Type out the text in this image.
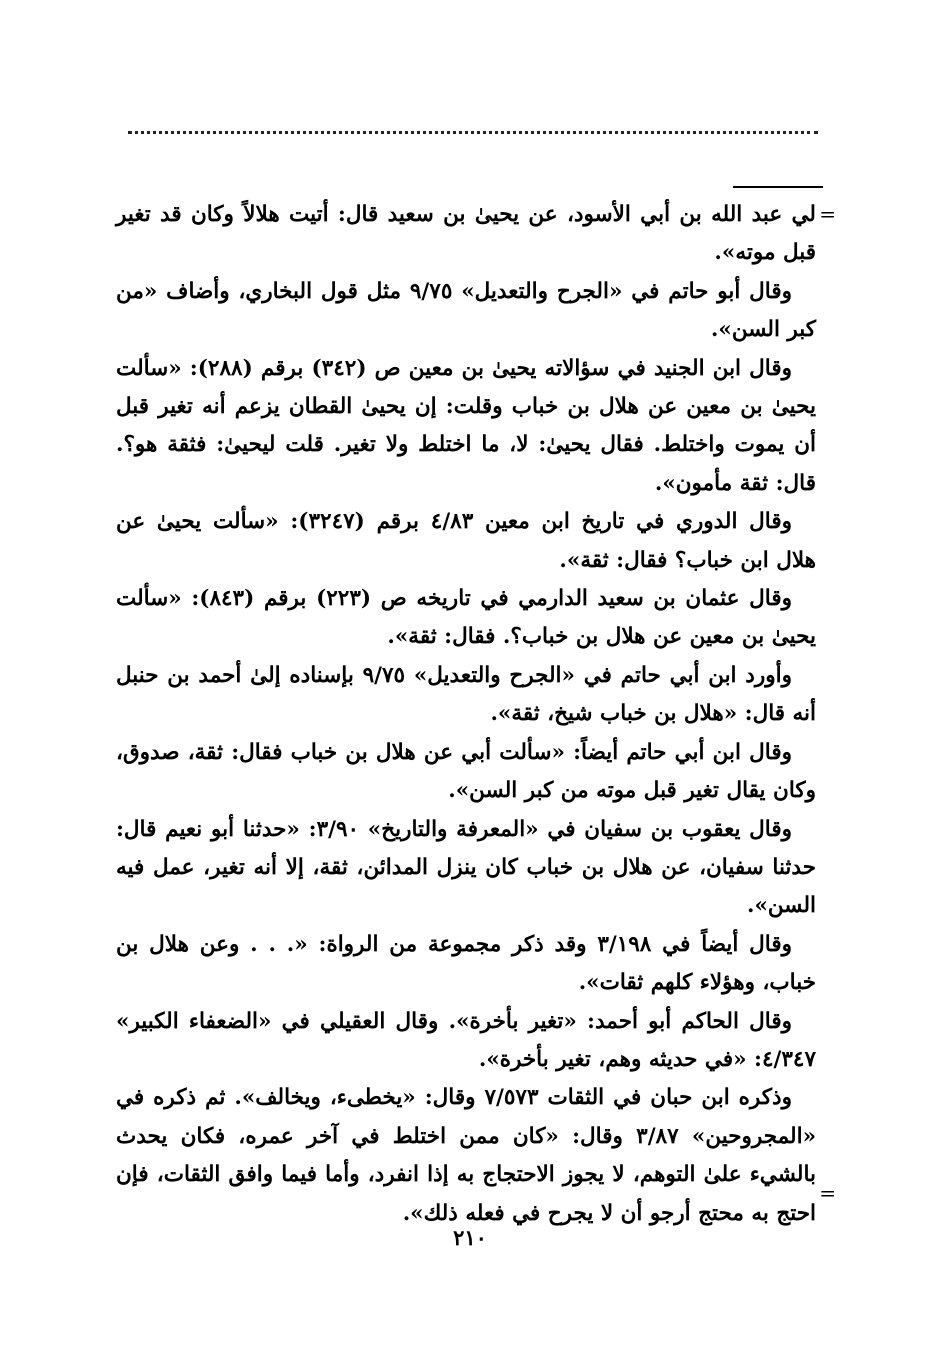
=

لي عبد الله بن أبي الأسود، عن يحيىٰ بن سعيد قال: أتيت هلالاً وكان قد تغير قبل موته».

وقال أبو حاتم في «الجرح والتعديل» ٩/٧٥ مثل قول البخاري، وأضاف «من كبر السن».

وقال ابن الجنيد في سؤالاته يحيىٰ بن معين ص (٣٤٢) برقم (٢٨٨): «سألت يحيىٰ بن معين عن هلال بن خباب وقلت: إن يحيىٰ القطان يزعم أنه تغير قبل أن يموت واختلط. فقال يحيىٰ: لا، ما اختلط ولا تغير. قلت ليحيىٰ: فثقة هو؟. قال: ثقة مأمون».

وقال الدوري في تاريخ ابن معين ٤/٨٣ برقم (٣٢٤٧): «سألت يحيىٰ عن هلال ابن خباب؟ فقال: ثقة».

وقال عثمان بن سعيد الدارمي في تاريخه ص (٢٢٣) برقم (٨٤٣): «سألت يحيىٰ بن معين عن هلال بن خباب؟. فقال: ثقة».

وأورد ابن أبي حاتم في «الجرح والتعديل» ٩/٧٥ بإسناده إلىٰ أحمد بن حنبل أنه قال: «هلال بن خباب شيخ، ثقة».

وقال ابن أبي حاتم أيضاً: «سألت أبي عن هلال بن خباب فقال: ثقة، صدوق، وكان يقال تغير قبل موته من كبر السن».

وقال يعقوب بن سفيان في «المعرفة والتاريخ» ٣/٩٠: «حدثنا أبو نعيم قال: حدثنا سفيان، عن هلال بن خباب كان ينزل المدائن، ثقة، إلا أنه تغير، عمل فيه السن».

وقال أيضاً في ٣/١٩٨ وقد ذكر مجموعة من الرواة: «. . . وعن هلال بن خباب، وهؤلاء كلهم ثقات».

وقال الحاكم أبو أحمد: «تغير بأخرة». وقال العقيلي في «الضعفاء الكبير» ٤/٣٤٧: «في حديثه وهم، تغير بأخرة».

وذكره ابن حبان في الثقات ٧/٥٧٣ وقال: «يخطىء، ويخالف». ثم ذكره في «المجروحين» ٣/٨٧ وقال: «كان ممن اختلط في آخر عمره، فكان يحدث بالشيء علىٰ التوهم، لا يجوز الاحتجاج به إذا انفرد، وأما فيما وافق الثقات، فإن احتج به محتج أرجو أن لا يجرح في فعله ذلك».

=
٢١٠
